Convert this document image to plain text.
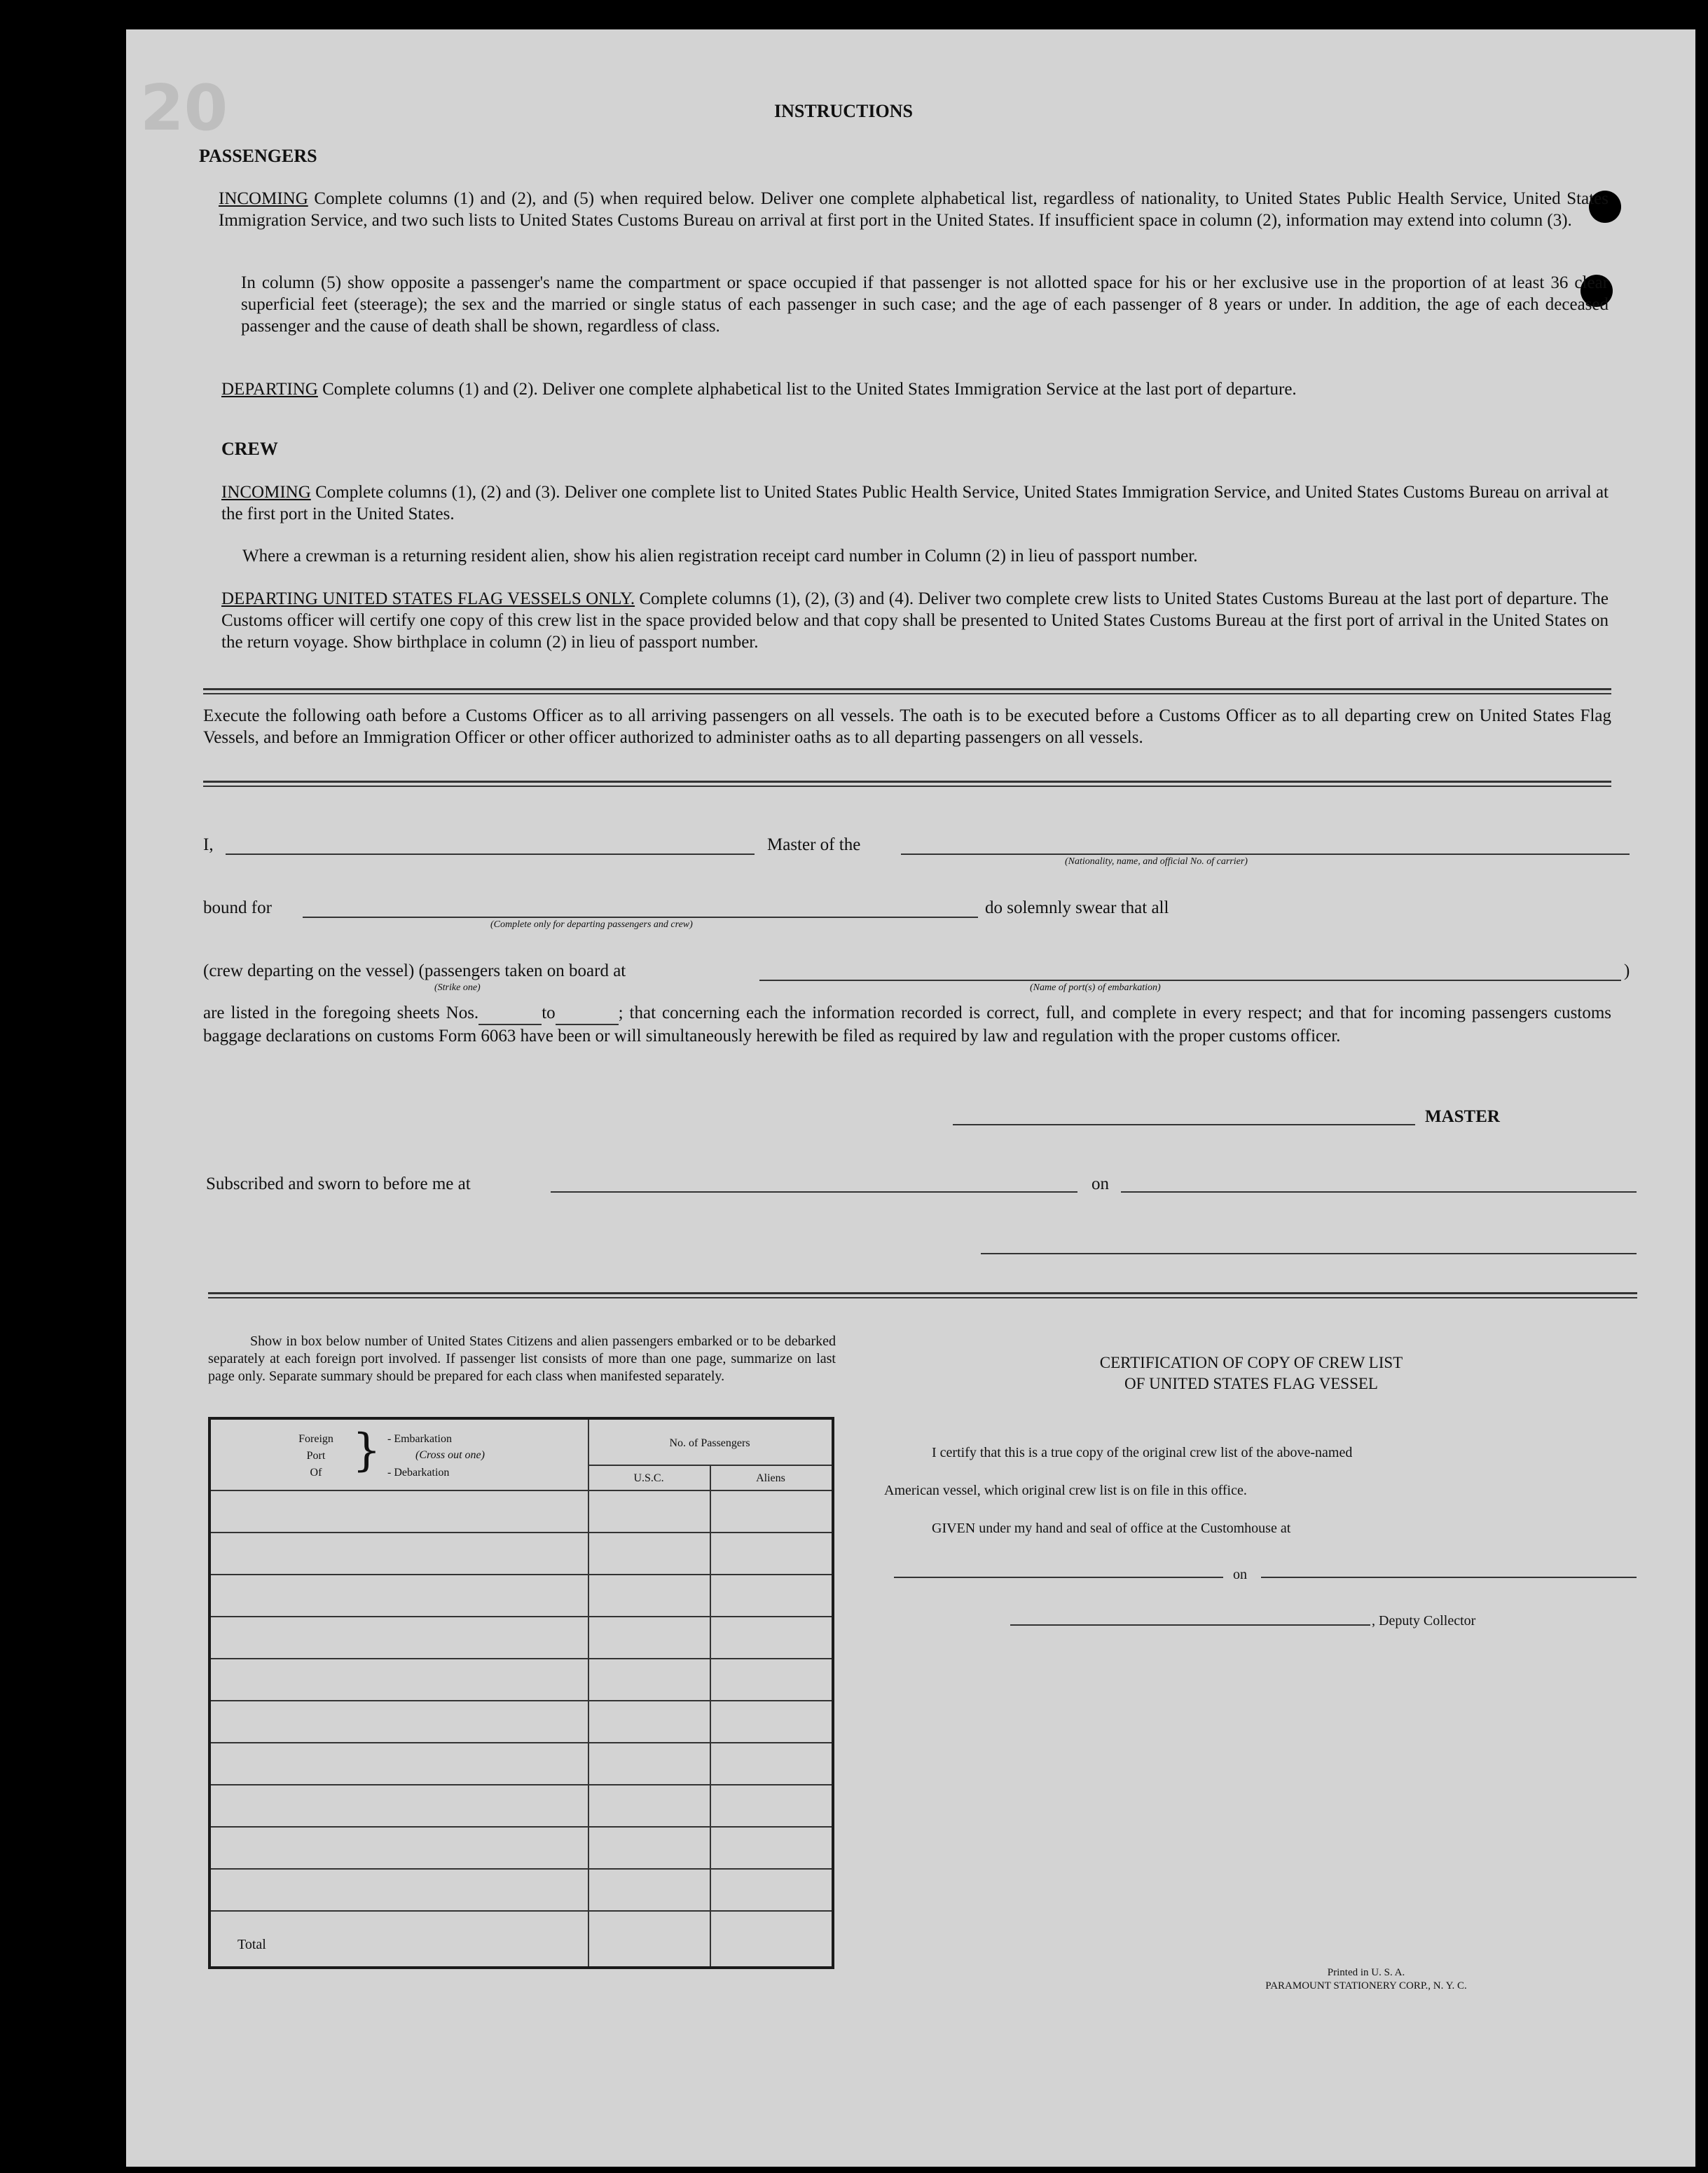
20	INSTRUCTIONS
PASSENGERS
INCOMING Complete columns (1) and (2), and (5) when required below. Deliver one complete alphabetical list, regardless of nationality, to United States Public Health Service, United States Immigration Service, and two such lists to United States Customs Bureau on arrival at first port in the United States. If insufficient space in column (2), information may extend into column (3).
In column (5) show opposite a passenger's name the compartment or space occupied if that passenger is not allotted space for his or her exclusive use in the proportion of at least 36 clear superficial feet (steerage); the sex and the married or single status of each passenger in such case; and the age of each passenger of 8 years or under. In addition, the age of each deceased passenger and the cause of death shall be shown, regardless of class.
DEPARTING Complete columns (1) and (2). Deliver one complete alphabetical list to the United States Immigration Service at the last port of departure.
CREW
INCOMING Complete columns (1), (2) and (3). Deliver one complete list to United States Public Health Service, United States Immigration Service, and United States Customs Bureau on arrival at the first port in the United States.
Where a crewman is a returning resident alien, show his alien registration receipt card number in Column (2) in lieu of passport number.
DEPARTING UNITED STATES FLAG VESSELS ONLY. Complete columns (1), (2), (3) and (4). Deliver two complete crew lists to United States Customs Bureau at the last port of departure. The Customs officer will certify one copy of this crew list in the space provided below and that copy shall be presented to United States Customs Bureau at the first port of arrival in the United States on the return voyage. Show birthplace in column (2) in lieu of passport number.
Execute the following oath before a Customs Officer as to all arriving passengers on all vessels. The oath is to be executed before a Customs Officer as to all departing crew on United States Flag Vessels, and before an Immigration Officer or other officer authorized to administer oaths as to all departing passengers on all vessels.
I,	Master of the
(Nationality, name, and official No. of carrier)
bound for
(Complete only for departing passengers and crew)
do solemnly swear that all
(crew departing on the vessel) (passengers taken on board at	)
(Strike one)	(Name of port(s) of embarkation)
are listed in the foregoing sheets Nos.	to	; that concerning each the information recorded is correct, full, and complete in every respect; and that for incoming passengers customs baggage declarations on customs Form 6063 have been or will simultaneously herewith be filed as required by law and regulation with the proper customs officer.
MASTER
Subscribed and sworn to before me at	on
Show in box below number of United States Citizens and alien passengers embarked or to be debarked separately at each foreign port involved. If passenger list consists of more than one page, summarize on last page only. Separate summary should be prepared for each class when manifested separately.
Foreign
Port
Of } - Embarkation
(Cross out one)
- Debarkation
No. of Passengers
U.S.C.	Aliens
Total
CERTIFICATION OF COPY OF CREW LIST
OF UNITED STATES FLAG VESSEL
I certify that this is a true copy of the original crew list of the above-named
American vessel, which original crew list is on file in this office.
GIVEN under my hand and seal of office at the Customhouse at
on
, Deputy Collector
Printed in U. S. A.
PARAMOUNT STATIONERY CORP., N. Y. C.
